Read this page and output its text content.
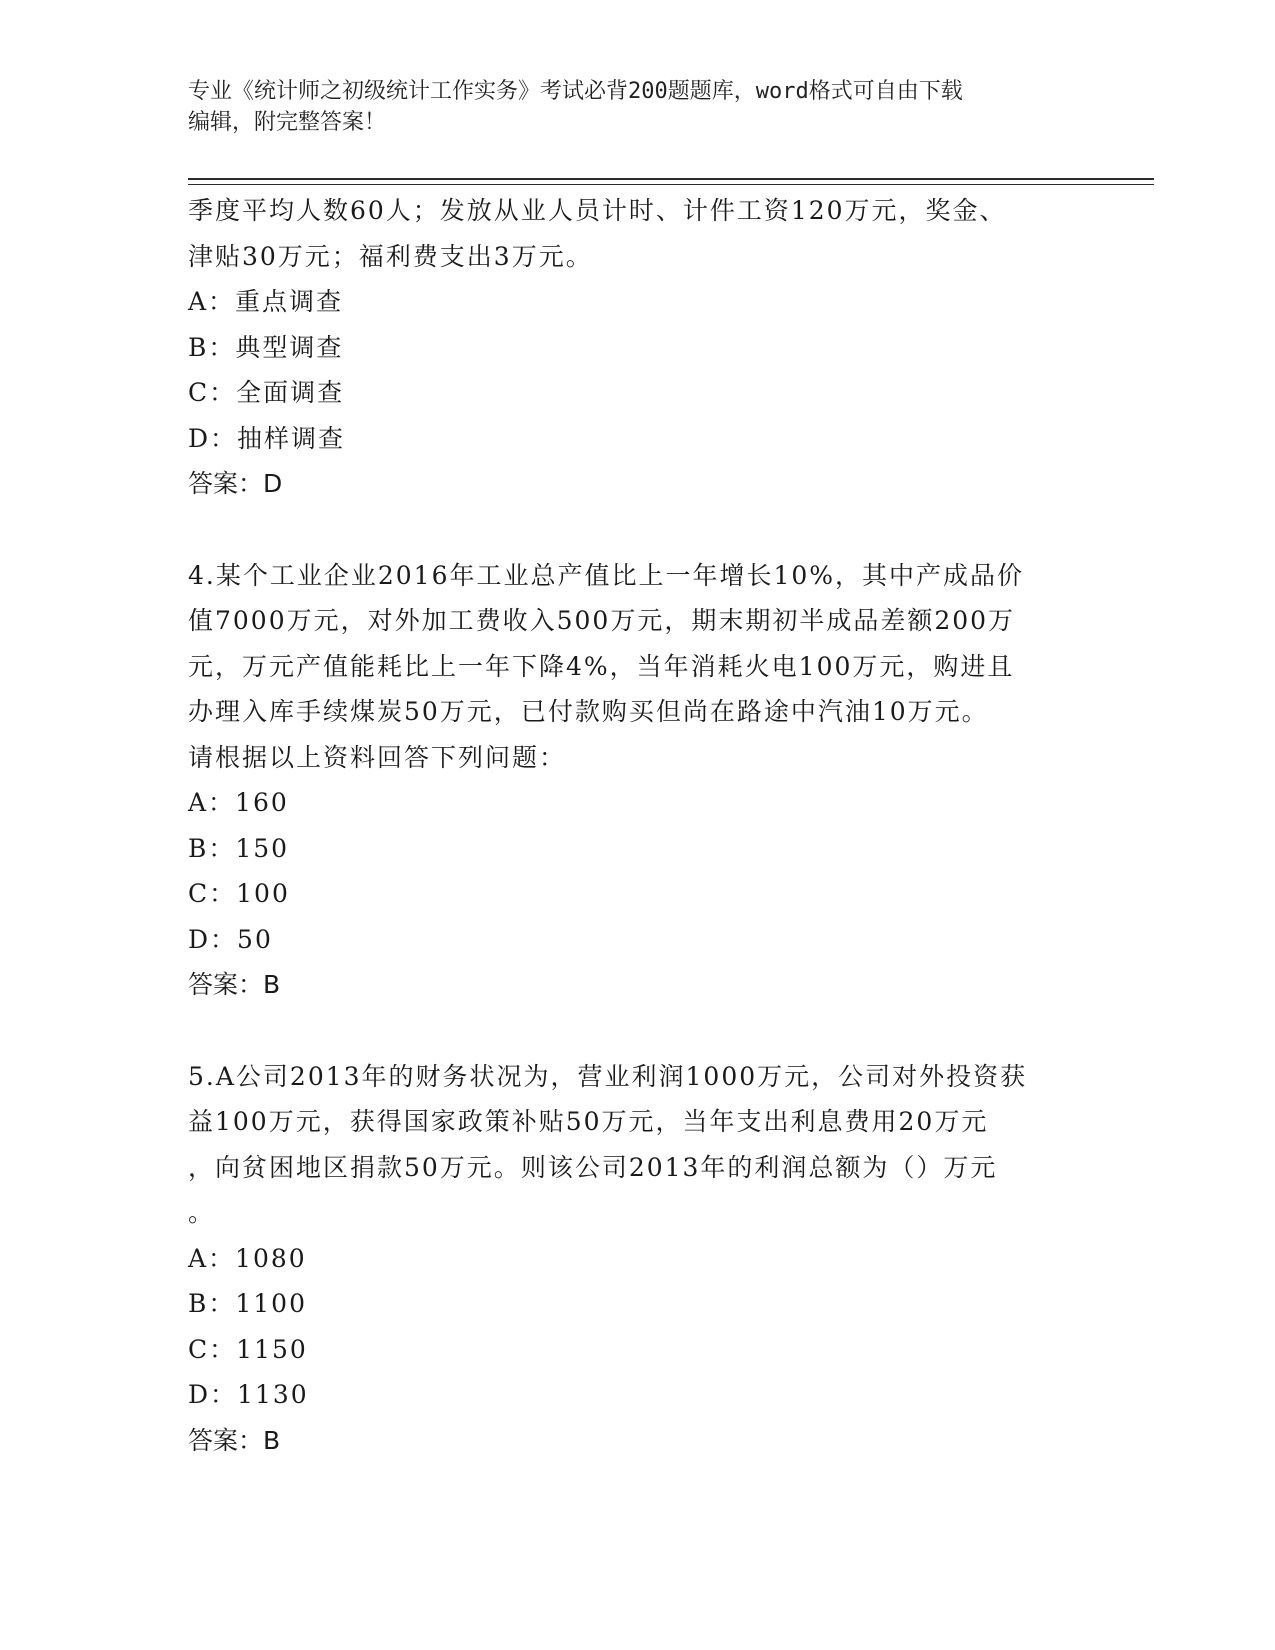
专业《统计师之初级统计工作实务》考试必背200题题库，word格式可自由下载
编辑，附完整答案！
季度平均人数60人；发放从业人员计时、计件工资120万元，奖金、
津贴30万元；福利费支出3万元。
A：重点调查
B：典型调查
C：全面调查
D：抽样调查
答案：D
4.某个工业企业2016年工业总产值比上一年增长10%，其中产成品价
值7000万元，对外加工费收入500万元，期末期初半成品差额200万
元，万元产值能耗比上一年下降4%，当年消耗火电100万元，购进且
办理入库手续煤炭50万元，已付款购买但尚在路途中汽油10万元。
请根据以上资料回答下列问题：
A：160
B：150
C：100
D：50
答案：B
5.A公司2013年的财务状况为，营业利润1000万元，公司对外投资获
益100万元，获得国家政策补贴50万元，当年支出利息费用20万元
，向贫困地区捐款50万元。则该公司2013年的利润总额为（）万元
。
A：1080
B：1100
C：1150
D：1130
答案：B
